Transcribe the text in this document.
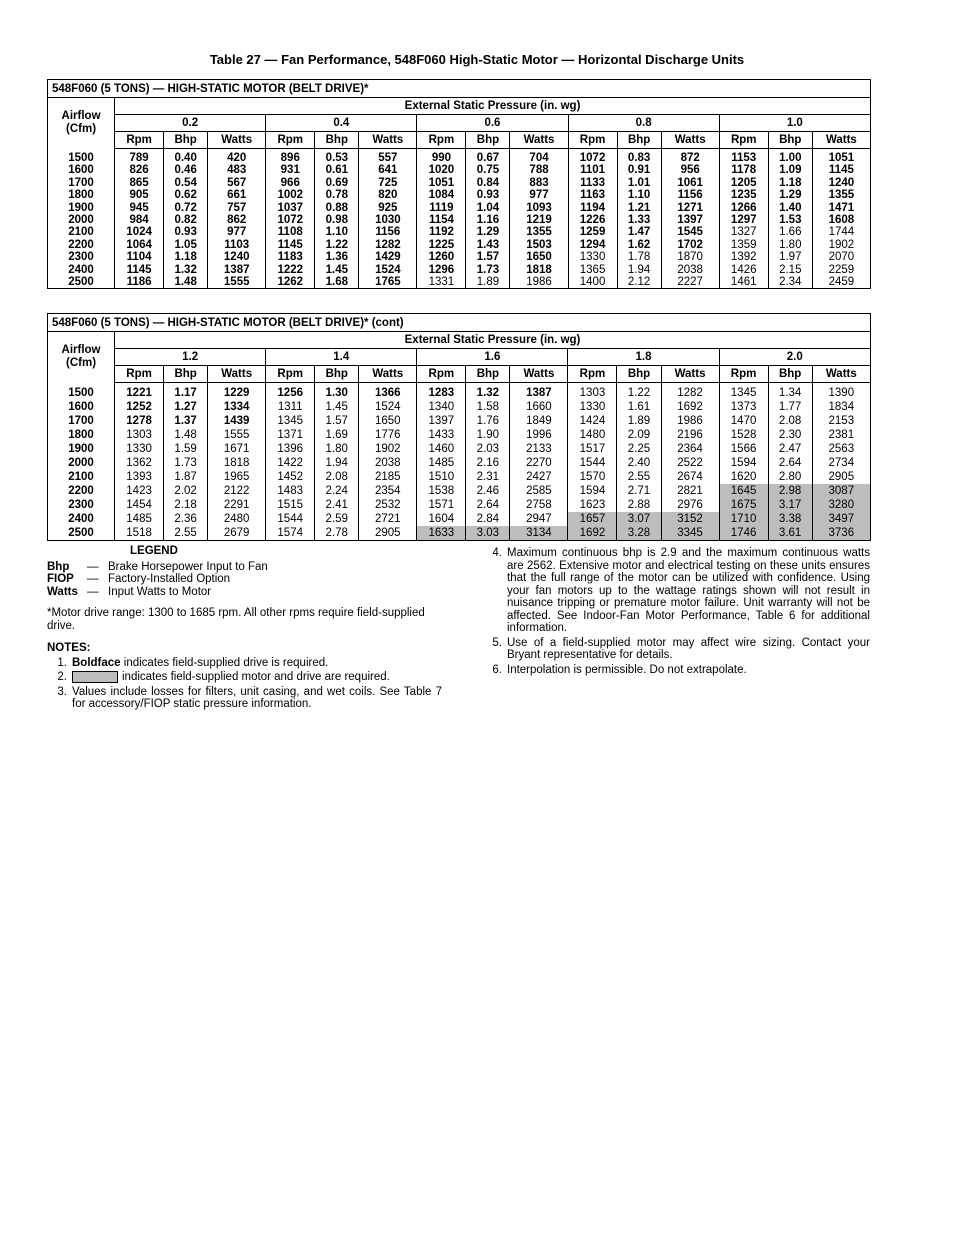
Table 27 — Fan Performance, 548F060 High-Static Motor — Horizontal Discharge Units
548F060 (5 TONS) — HIGH-STATIC MOTOR (BELT DRIVE)*															
Airflow (Cfm)	External Static Pressure (in. wg)														
	0.2			0.4			0.6			0.8			1.0		
	Rpm	Bhp	Watts	Rpm	Bhp	Watts	Rpm	Bhp	Watts	Rpm	Bhp	Watts	Rpm	Bhp	Watts
1500	789	0.40	420	896	0.53	557	990	0.67	704	1072	0.83	872	1153	1.00	1051
1600	826	0.46	483	931	0.61	641	1020	0.75	788	1101	0.91	956	1178	1.09	1145
1700	865	0.54	567	966	0.69	725	1051	0.84	883	1133	1.01	1061	1205	1.18	1240
1800	905	0.62	661	1002	0.78	820	1084	0.93	977	1163	1.10	1156	1235	1.29	1355
1900	945	0.72	757	1037	0.88	925	1119	1.04	1093	1194	1.21	1271	1266	1.40	1471
2000	984	0.82	862	1072	0.98	1030	1154	1.16	1219	1226	1.33	1397	1297	1.53	1608
2100	1024	0.93	977	1108	1.10	1156	1192	1.29	1355	1259	1.47	1545	1327	1.66	1744
2200	1064	1.05	1103	1145	1.22	1282	1225	1.43	1503	1294	1.62	1702	1359	1.80	1902
2300	1104	1.18	1240	1183	1.36	1429	1260	1.57	1650	1330	1.78	1870	1392	1.97	2070
2400	1145	1.32	1387	1222	1.45	1524	1296	1.73	1818	1365	1.94	2038	1426	2.15	2259
2500	1186	1.48	1555	1262	1.68	1765	1331	1.89	1986	1400	2.12	2227	1461	2.34	2459
548F060 (5 TONS) — HIGH-STATIC MOTOR (BELT DRIVE)* (cont)															
Airflow (Cfm)	External Static Pressure (in. wg)														
	1.2			1.4			1.6			1.8			2.0		
	Rpm	Bhp	Watts	Rpm	Bhp	Watts	Rpm	Bhp	Watts	Rpm	Bhp	Watts	Rpm	Bhp	Watts
1500	1221	1.17	1229	1256	1.30	1366	1283	1.32	1387	1303	1.22	1282	1345	1.34	1390
1600	1252	1.27	1334	1311	1.45	1524	1340	1.58	1660	1330	1.61	1692	1373	1.77	1834
1700	1278	1.37	1439	1345	1.57	1650	1397	1.76	1849	1424	1.89	1986	1470	2.08	2153
1800	1303	1.48	1555	1371	1.69	1776	1433	1.90	1996	1480	2.09	2196	1528	2.30	2381
1900	1330	1.59	1671	1396	1.80	1902	1460	2.03	2133	1517	2.25	2364	1566	2.47	2563
2000	1362	1.73	1818	1422	1.94	2038	1485	2.16	2270	1544	2.40	2522	1594	2.64	2734
2100	1393	1.87	1965	1452	2.08	2185	1510	2.31	2427	1570	2.55	2674	1620	2.80	2905
2200	1423	2.02	2122	1483	2.24	2354	1538	2.46	2585	1594	2.71	2821	1645	2.98	3087
2300	1454	2.18	2291	1515	2.41	2532	1571	2.64	2758	1623	2.88	2976	1675	3.17	3280
2400	1485	2.36	2480	1544	2.59	2721	1604	2.84	2947	1657	3.07	3152	1710	3.38	3497
2500	1518	2.55	2679	1574	2.78	2905	1633	3.03	3134	1692	3.28	3345	1746	3.61	3736
LEGEND
Bhp	— Brake Horsepower Input to Fan
FIOP	— Factory-Installed Option
Watts — Input Watts to Motor
*Motor drive range: 1300 to 1685 rpm. All other rpms require field-supplied drive.
NOTES:
1. Boldface indicates field-supplied drive is required.
2.	indicates field-supplied motor and drive are required.
3. Values include losses for filters, unit casing, and wet coils. See Table 7 for accessory/FIOP static pressure information.
4. Maximum continuous bhp is 2.9 and the maximum continuous watts are 2562. Extensive motor and electrical testing on these units ensures that the full range of the motor can be utilized with confidence. Using your fan motors up to the wattage ratings shown will not result in nuisance tripping or premature motor failure. Unit warranty will not be affected. See Indoor-Fan Motor Performance, Table 6 for additional information.
5. Use of a field-supplied motor may affect wire sizing. Contact your Bryant representative for details.
6. Interpolation is permissible. Do not extrapolate.
